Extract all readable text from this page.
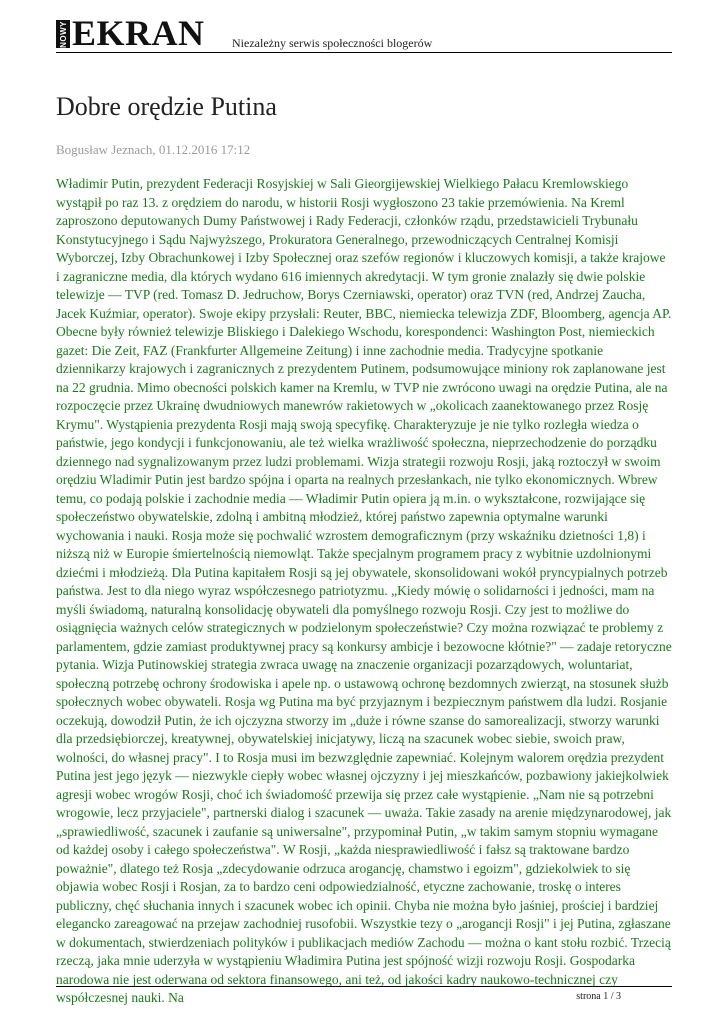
NOWY EKRAN Niezależny serwis społeczności blogerów
Dobre orędzie Putina
Bogusław Jeznach, 01.12.2016 17:12

Władimir Putin, prezydent Federacji Rosyjskiej w Sali Gieorgijewskiej Wielkiego Pałacu Kremlowskiego wystąpił po raz 13. z orędziem do narodu, w historii Rosji wygłoszono 23 takie przemówienia. Na Kreml zaproszono deputowanych Dumy Państwowej i Rady Federacji, członków rządu, przedstawicieli Trybunału Konstytucyjnego i Sądu Najwyższego, Prokuratora Generalnego, przewodniczących Centralnej Komisji Wyborczej, Izby Obrachunkowej i Izby Społecznej oraz szefów regionów i kluczowych komisji, a także krajowe i zagraniczne media, dla których wydano 616 imiennych akredytacji. W tym gronie znalazły się dwie polskie telewizje — TVP (red. Tomasz D. Jedruchow, Borys Czerniawski, operator) oraz TVN (red, Andrzej Zaucha, Jacek Kuźmiar, operator). Swoje ekipy przysłali: Reuter, BBC, niemiecka telewizja ZDF, Bloomberg, agencja AP. Obecne były również telewizje Bliskiego i Dalekiego Wschodu, korespondenci: Washington Post, niemieckich gazet: Die Zeit, FAZ (Frankfurter Allgemeine Zeitung) i inne zachodnie media. Tradycyjne spotkanie dziennikarzy krajowych i zagranicznych z prezydentem Putinem, podsumowujące miniony rok zaplanowane jest na 22 grudnia. Mimo obecności polskich kamer na Kremlu, w TVP nie zwrócono uwagi na orędzie Putina, ale na rozpoczęcie przez Ukrainę dwudniowych manewrów rakietowych w „okolicach zaanektowanego przez Rosję Krymu". Wystąpienia prezydenta Rosji mają swoją specyfikę. Charakteryzuje je nie tylko rozległa wiedza o państwie, jego kondycji i funkcjonowaniu, ale też wielka wrażliwość społeczna, nieprzechodzenie do porządku dziennego nad sygnalizowanym przez ludzi problemami. Wizja strategii rozwoju Rosji, jaką roztoczył w swoim orędziu Wladimir Putin jest bardzo spójna i oparta na realnych przesłankach, nie tylko ekonomicznych. Wbrew temu, co podają polskie i zachodnie media — Władimir Putin opiera ją m.in. o wykształcone, rozwijające się społeczeństwo obywatelskie, zdolną i ambitną młodzież, której państwo zapewnia optymalne warunki wychowania i nauki. Rosja może się pochwalić wzrostem demograficznym (przy wskaźniku dzietności 1,8) i niższą niż w Europie śmiertelnością niemowląt. Także specjalnym programem pracy z wybitnie uzdolnionymi dziećmi i młodzieżą. Dla Putina kapitałem Rosji są jej obywatele, skonsolidowani wokół pryncypialnych potrzeb państwa. Jest to dla niego wyraz współczesnego patriotyzmu. „Kiedy mówię o solidarności i jedności, mam na myśli świadomą, naturalną konsolidację obywateli dla pomyślnego rozwoju Rosji. Czy jest to możliwe do osiągnięcia ważnych celów strategicznych w podzielonym społeczeństwie? Czy można rozwiązać te problemy z parlamentem, gdzie zamiast produktywnej pracy są konkursy ambicje i bezowocne kłótnie?" — zadaje retoryczne pytania. Wizja Putinowskiej strategia zwraca uwagę na znaczenie organizacji pozarządowych, woluntariat, społeczną potrzebę ochrony środowiska i apele np. o ustawową ochronę bezdomnych zwierząt, na stosunek służb społecznych wobec obywateli. Rosja wg Putina ma być przyjaznym i bezpiecznym państwem dla ludzi. Rosjanie oczekują, dowodził Putin, że ich ojczyzna stworzy im „duże i równe szanse do samorealizacji, stworzy warunki dla przedsiębiorczej, kreatywnej, obywatelskiej inicjatywy, liczą na szacunek wobec siebie, swoich praw, wolności, do własnej pracy". I to Rosja musi im bezwzględnie zapewniać. Kolejnym walorem orędzia prezydent Putina jest jego język — niezwykle ciepły wobec własnej ojczyzny i jej mieszkańców, pozbawiony jakiejkolwiek agresji wobec wrogów Rosji, choć ich świadomość przewija się przez całe wystąpienie. „Nam nie są potrzebni wrogowie, lecz przyjaciele", partnerski dialog i szacunek — uważa. Takie zasady na arenie międzynarodowej, jak „sprawiedliwość, szacunek i zaufanie są uniwersalne", przypominał Putin, „w takim samym stopniu wymagane od każdej osoby i całego społeczeństwa". W Rosji, „każda niesprawiedliwość i fałsz są traktowane bardzo poważnie", dlatego też Rosja „zdecydowanie odrzuca arogancję, chamstwo i egoizm", gdziekolwiek to się objawia wobec Rosji i Rosjan, za to bardzo ceni odpowiedzialność, etyczne zachowanie, troskę o interes publiczny, chęć słuchania innych i szacunek wobec ich opinii. Chyba nie można było jaśniej, prościej i bardziej elegancko zareagować na przejaw zachodniej rusofobii. Wszystkie tezy o „arogancji Rosji" i jej Putina, zgłaszane w dokumentach, stwierdzeniach polityków i publikacjach mediów Zachodu — można o kant stołu rozbić. Trzecią rzeczą, jaka mnie uderzyła w wystąpieniu Władimira Putina jest spójność wizji rozwoju Rosji. Gospodarka narodowa nie jest oderwana od sektora finansowego, ani też, od jakości kadry naukowo-technicznej czy współczesnej nauki. Na	strona 1 / 3
